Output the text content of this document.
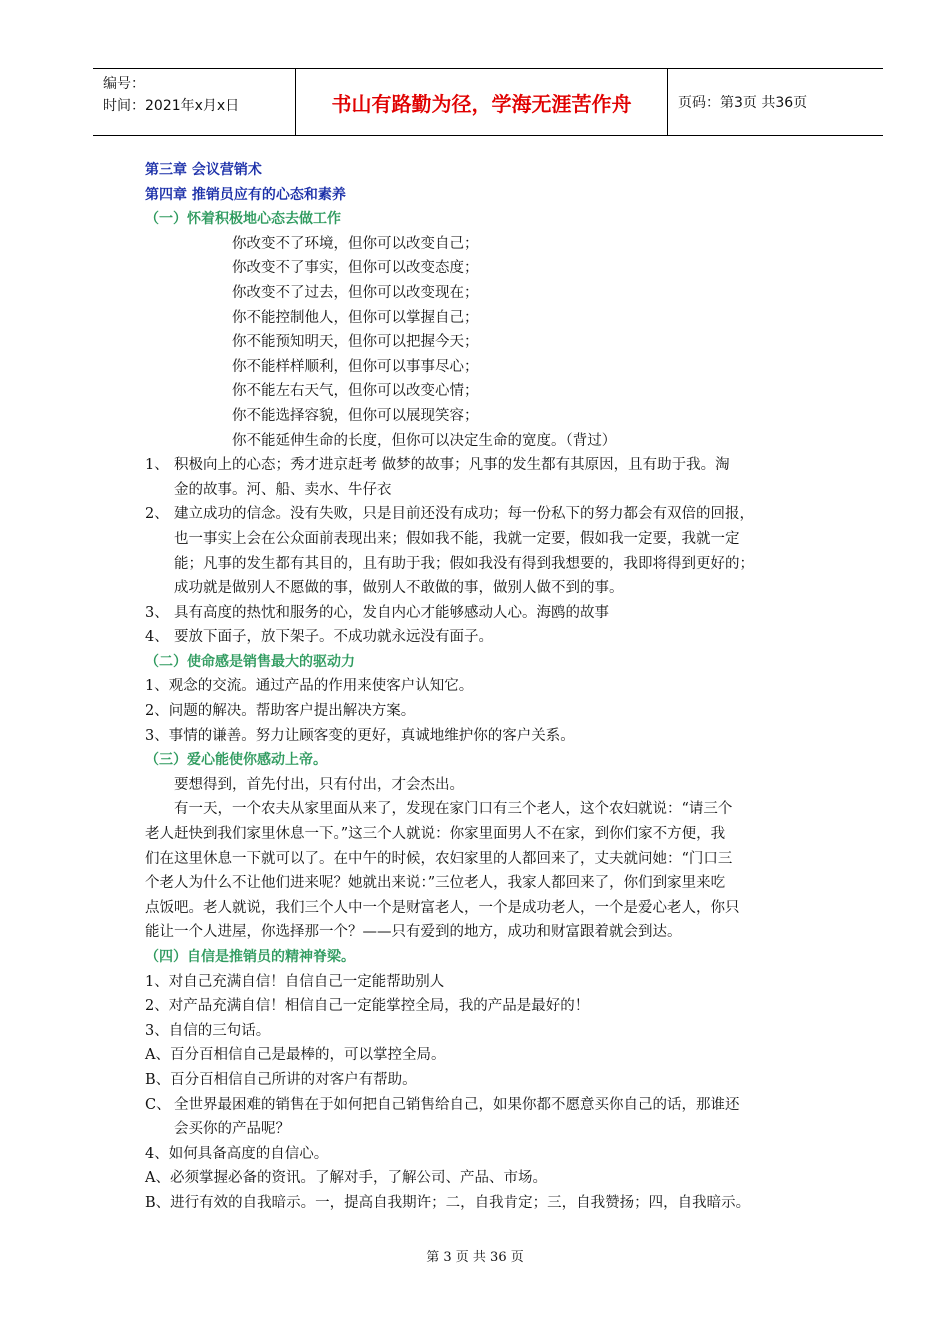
编号：
时间：2021年x月x日	书山有路勤为径，学海无涯苦作舟	页码：第3页 共36页
第三章 会议营销术
第四章 推销员应有的心态和素养
（一）怀着积极地心态去做工作
你改变不了环境，但你可以改变自己；
你改变不了事实，但你可以改变态度；
你改变不了过去，但你可以改变现在；
你不能控制他人，但你可以掌握自己；
你不能预知明天，但你可以把握今天；
你不能样样顺利，但你可以事事尽心；
你不能左右天气，但你可以改变心情；
你不能选择容貌，但你可以展现笑容；
你不能延伸生命的长度，但你可以决定生命的宽度。（背过）
1、 积极向上的心态；秀才进京赶考 做梦的故事；凡事的发生都有其原因，且有助于我。淘
金的故事。河、船、卖水、牛仔衣
2、 建立成功的信念。没有失败，只是目前还没有成功；每一份私下的努力都会有双倍的回报，
也一事实上会在公众面前表现出来；假如我不能，我就一定要，假如我一定要，我就一定
能；凡事的发生都有其目的，且有助于我；假如我没有得到我想要的，我即将得到更好的；
成功就是做别人不愿做的事，做别人不敢做的事，做别人做不到的事。
3、 具有高度的热忱和服务的心，发自内心才能够感动人心。海鸥的故事
4、 要放下面子，放下架子。不成功就永远没有面子。
（二）使命感是销售最大的驱动力
1、观念的交流。通过产品的作用来使客户认知它。
2、问题的解决。帮助客户提出解决方案。
3、事情的谦善。努力让顾客变的更好，真诚地维护你的客户关系。
（三）爱心能使你感动上帝。
要想得到，首先付出，只有付出，才会杰出。
有一天，一个农夫从家里面从来了，发现在家门口有三个老人，这个农妇就说：“请三个
老人赶快到我们家里休息一下。”这三个人就说：你家里面男人不在家，到你们家不方便，我
们在这里休息一下就可以了。在中午的时候，农妇家里的人都回来了，丈夫就问她：“门口三
个老人为什么不让他们进来呢？她就出来说：”三位老人，我家人都回来了，你们到家里来吃
点饭吧。老人就说，我们三个人中一个是财富老人，一个是成功老人，一个是爱心老人，你只
能让一个人进屋，你选择那一个？——只有爱到的地方，成功和财富跟着就会到达。
（四）自信是推销员的精神脊梁。
1、对自己充满自信！自信自己一定能帮助别人
2、对产品充满自信！相信自己一定能掌控全局，我的产品是最好的！
3、自信的三句话。
A、百分百相信自己是最棒的，可以掌控全局。
B、百分百相信自己所讲的对客户有帮助。
C、 全世界最困难的销售在于如何把自己销售给自己，如果你都不愿意买你自己的话，那谁还
会买你的产品呢？
4、如何具备高度的自信心。
A、必须掌握必备的资讯。了解对手，了解公司、产品、市场。
B、进行有效的自我暗示。一，提高自我期许；二，自我肯定；三，自我赞扬；四，自我暗示。
第 3 页 共 36 页
